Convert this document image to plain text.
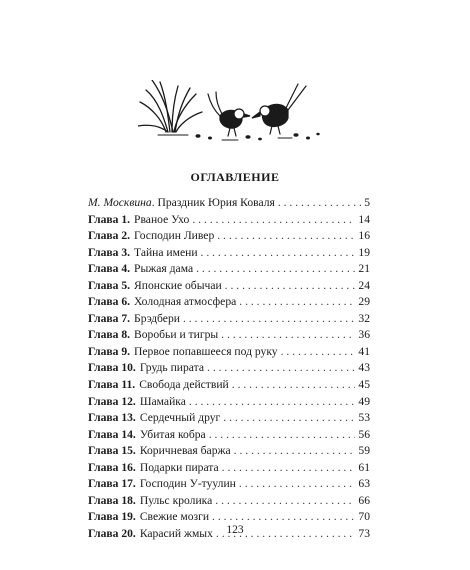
ОГЛАВЛЕНИЕ
М. Москвина . Праздник Юрия Коваля . . .	5
Глава 1. Рваное Ухо . . .	14
Глава 2. Господин Ливер . . .	16
Глава 3. Тайна имени . . .	19
Глава 4. Рыжая дама . . .	21
Глава 5. Японские обычаи . . .	24
Глава 6. Холодная атмосфера . . .	29
Глава 7. Брэдбери . . .	32
Глава 8. Воробьи и тигры . . .	36
Глава 9. Первое попавшееся под руку . . .	41
Глава 10. Грудь пирата . . .	43
Глава 11. Свобода действий . . .	45
Глава 12. Шамайка . . .	49
Глава 13. Сердечный друг . . .	53
Глава 14. Убитая кобра . . .	56
Глава 15. Коричневая баржа . . .	59
Глава 16. Подарки пирата . . .	61
Глава 17. Господин У-туулин . . .	63
Глава 18. Пульс кролика . . .	66
Глава 19. Свежие мозги . . .	70
Глава 20. Карасий жмых . . .	73
123
